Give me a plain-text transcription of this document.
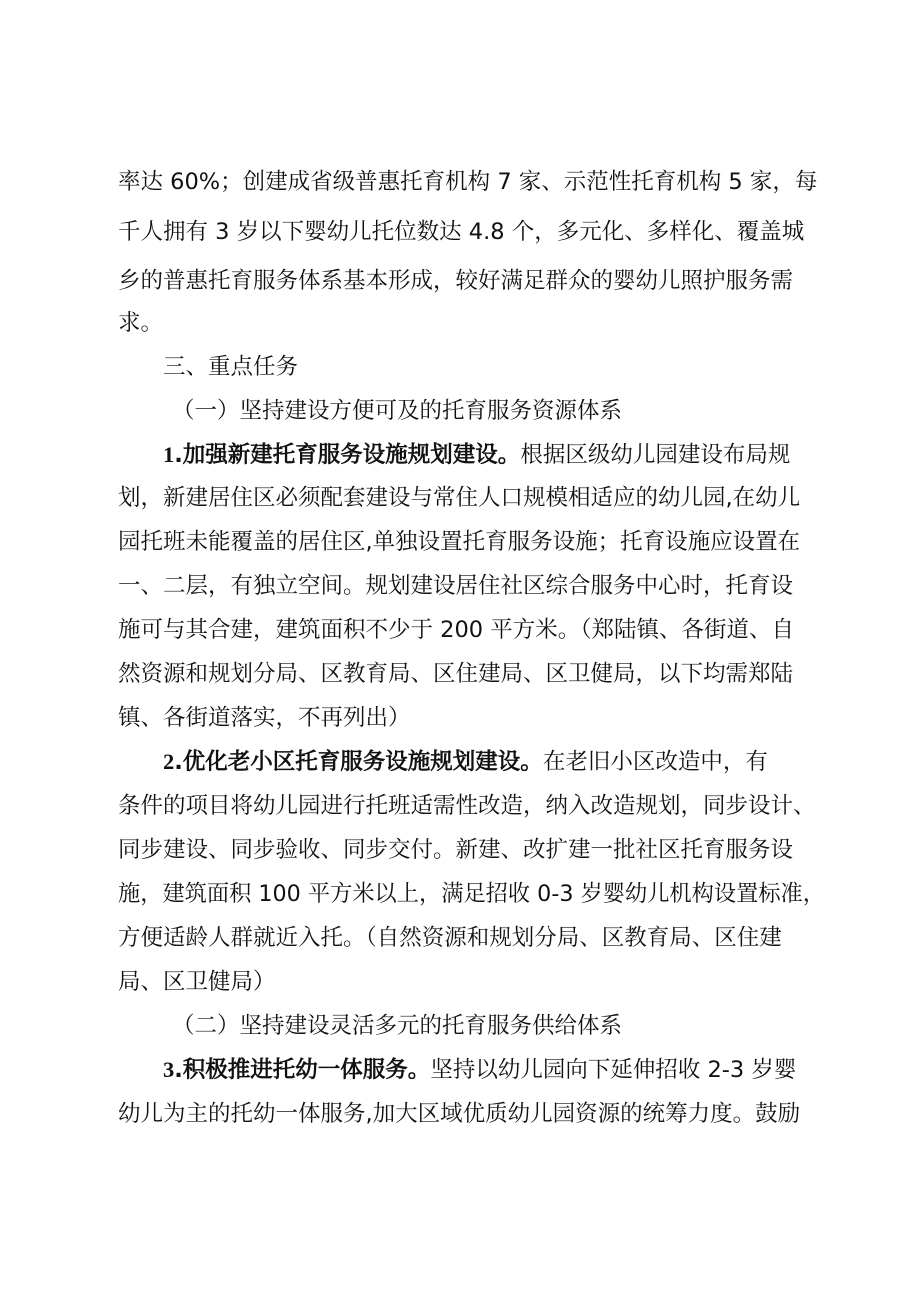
率达 60%；创建成省级普惠托育机构 7 家、示范性托育机构 5 家，每
千人拥有 3 岁以下婴幼儿托位数达 4.8 个，多元化、多样化、覆盖城
乡的普惠托育服务体系基本形成，较好满足群众的婴幼儿照护服务需
求。
三、重点任务
（一）坚持建设方便可及的托育服务资源体系
1.加强新建托育服务设施规划建设。根据区级幼儿园建设布局规
划，新建居住区必须配套建设与常住人口规模相适应的幼儿园,在幼儿
园托班未能覆盖的居住区,单独设置托育服务设施；托育设施应设置在
一、二层，有独立空间。规划建设居住社区综合服务中心时，托育设
施可与其合建，建筑面积不少于 200 平方米。（郑陆镇、各街道、自
然资源和规划分局、区教育局、区住建局、区卫健局，以下均需郑陆
镇、各街道落实，不再列出）
2.优化老小区托育服务设施规划建设。在老旧小区改造中，有
条件的项目将幼儿园进行托班适需性改造，纳入改造规划，同步设计、
同步建设、同步验收、同步交付。新建、改扩建一批社区托育服务设
施，建筑面积 100 平方米以上，满足招收 0-3 岁婴幼儿机构设置标准，
方便适龄人群就近入托。（自然资源和规划分局、区教育局、区住建
局、区卫健局）
（二）坚持建设灵活多元的托育服务供给体系
3.积极推进托幼一体服务。坚持以幼儿园向下延伸招收 2-3 岁婴
幼儿为主的托幼一体服务,加大区域优质幼儿园资源的统筹力度。鼓励
